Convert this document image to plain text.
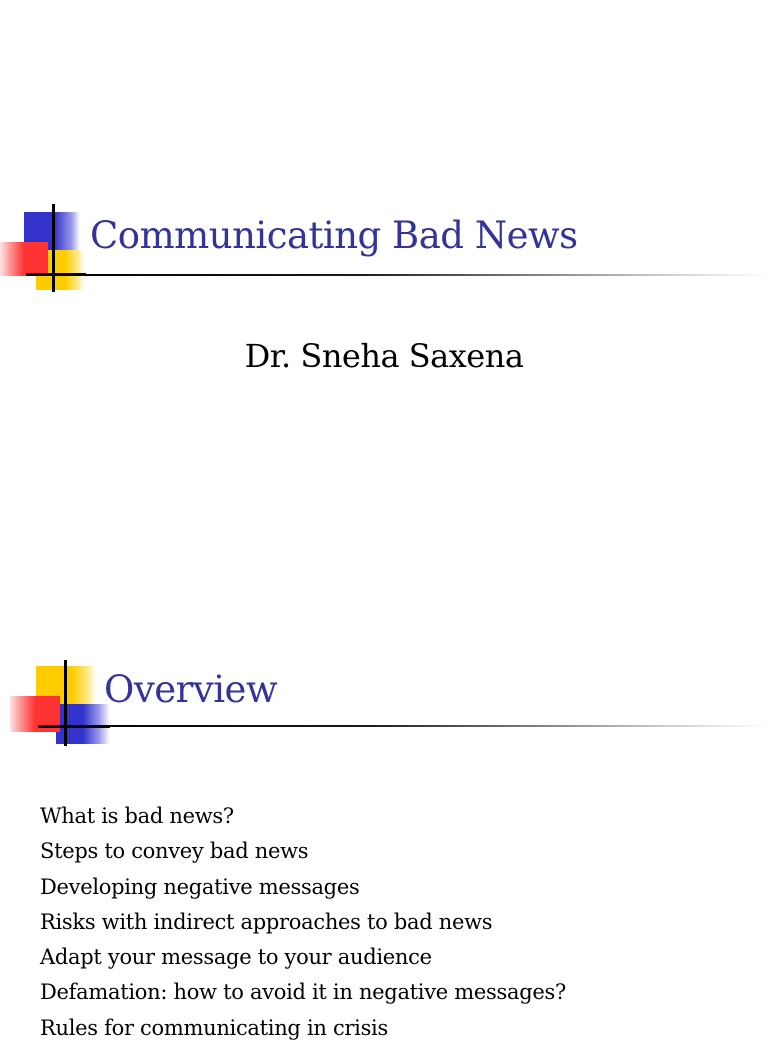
Communicating Bad News
Dr. Sneha Saxena
Overview
What is bad news?
Steps to convey bad news
Developing negative messages
Risks with indirect approaches to bad news
Adapt your message to your audience
Defamation: how to avoid it in negative messages?
Rules for communicating in crisis
